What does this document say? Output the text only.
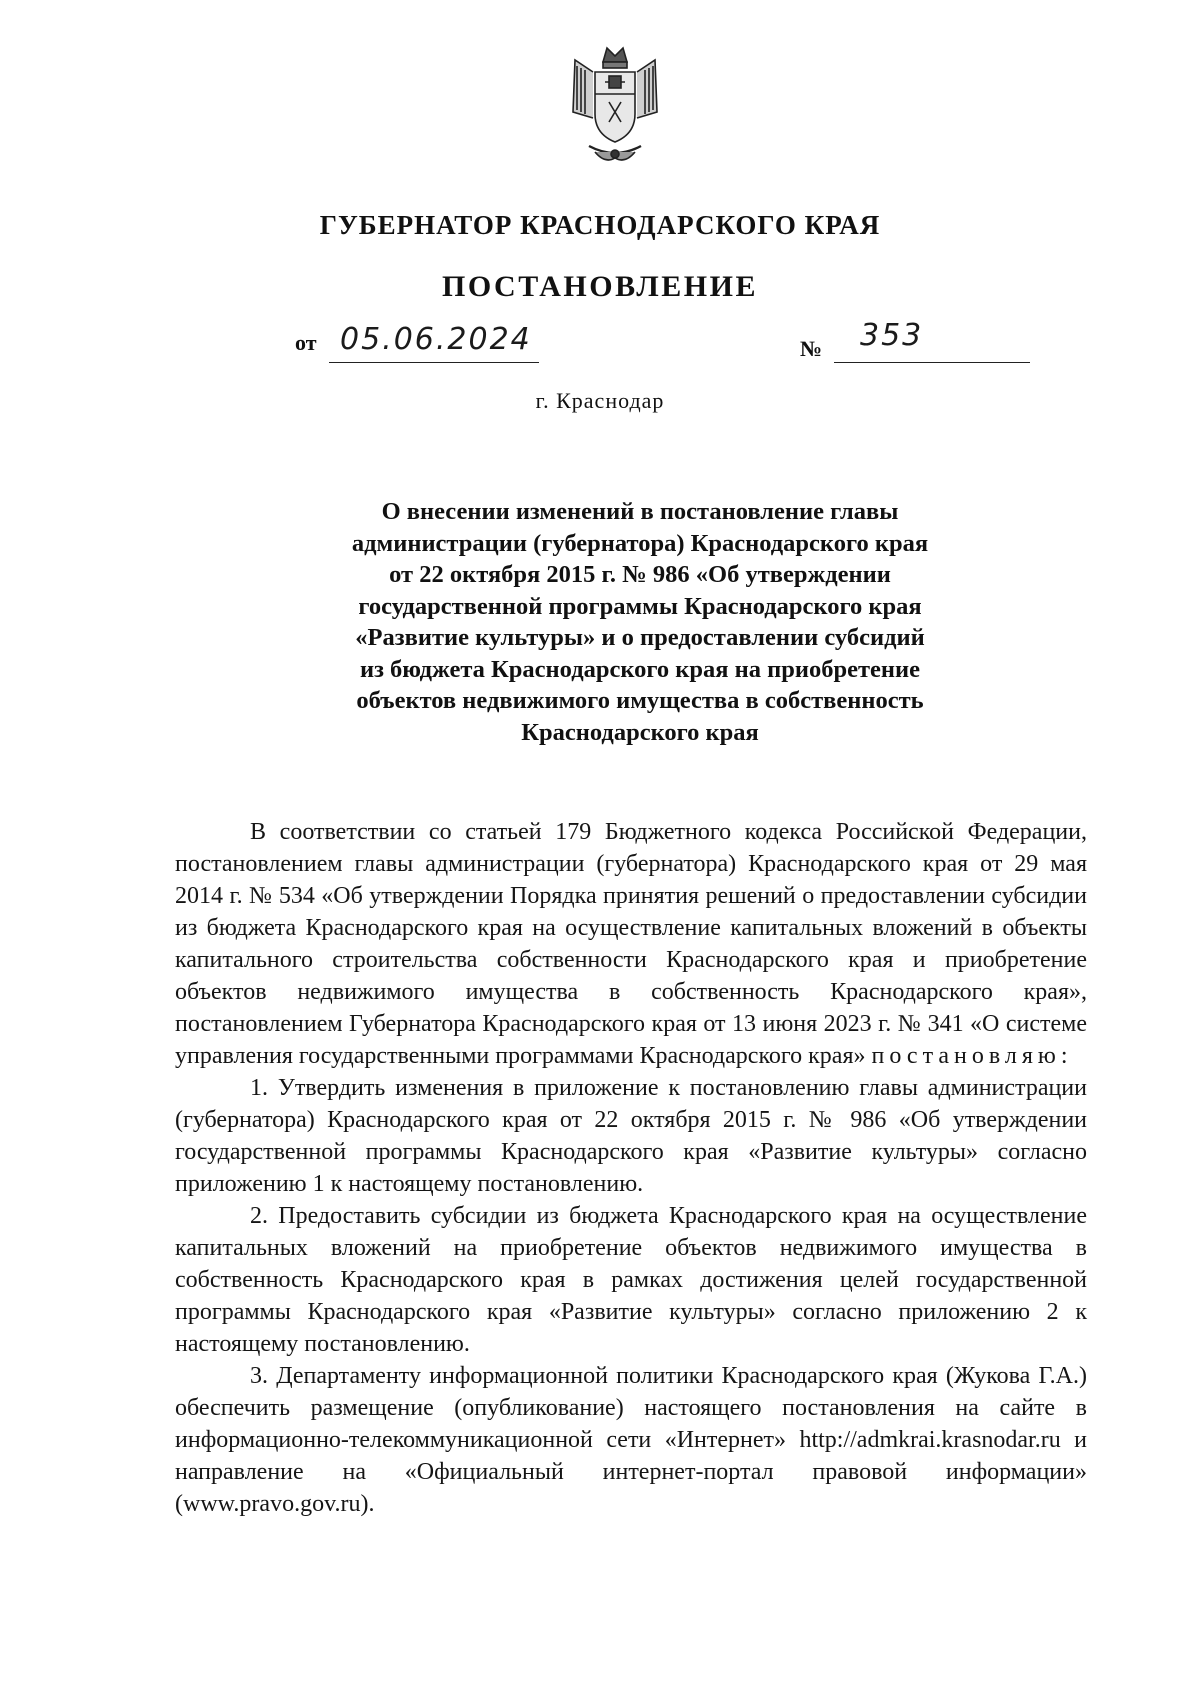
ГУБЕРНАТОР КРАСНОДАРСКОГО КРАЯ
ПОСТАНОВЛЕНИЕ
от 05.06.2024	№ 353
г. Краснодар
О внесении изменений в постановление главы
администрации (губернатора) Краснодарского края
от 22 октября 2015 г. № 986 «Об утверждении
государственной программы Краснодарского края
«Развитие культуры» и о предоставлении субсидий
из бюджета Краснодарского края на приобретение
объектов недвижимого имущества в собственность
Краснодарского края

В соответствии со статьей 179 Бюджетного кодекса Российской Федерации, постановлением главы администрации (губернатора) Краснодарского края от 29 мая 2014 г. № 534 «Об утверждении Порядка принятия решений о предоставлении субсидии из бюджета Краснодарского края на осуществление капитальных вложений в объекты капитального строительства собственности Краснодарского края и приобретение объектов недвижимого имущества в собственность Краснодарского края», постановлением Губернатора Краснодарского края от 13 июня 2023 г. № 341 «О системе управления государственными программами Краснодарского края» постановляю:

1. Утвердить изменения в приложение к постановлению главы администрации (губернатора) Краснодарского края от 22 октября 2015 г. № 986 «Об утверждении государственной программы Краснодарского края «Развитие культуры» согласно приложению 1 к настоящему постановлению.

2. Предоставить субсидии из бюджета Краснодарского края на осуществление капитальных вложений на приобретение объектов недвижимого имущества в собственность Краснодарского края в рамках достижения целей государственной программы Краснодарского края «Развитие культуры» согласно приложению 2 к настоящему постановлению.

3. Департаменту информационной политики Краснодарского края (Жукова Г.А.) обеспечить размещение (опубликование) настоящего постановления на сайте в информационно-телекоммуникационной сети «Интернет» http://admkrai.krasnodar.ru и направление на «Официальный интернет-портал правовой информации» (www.pravo.gov.ru).
